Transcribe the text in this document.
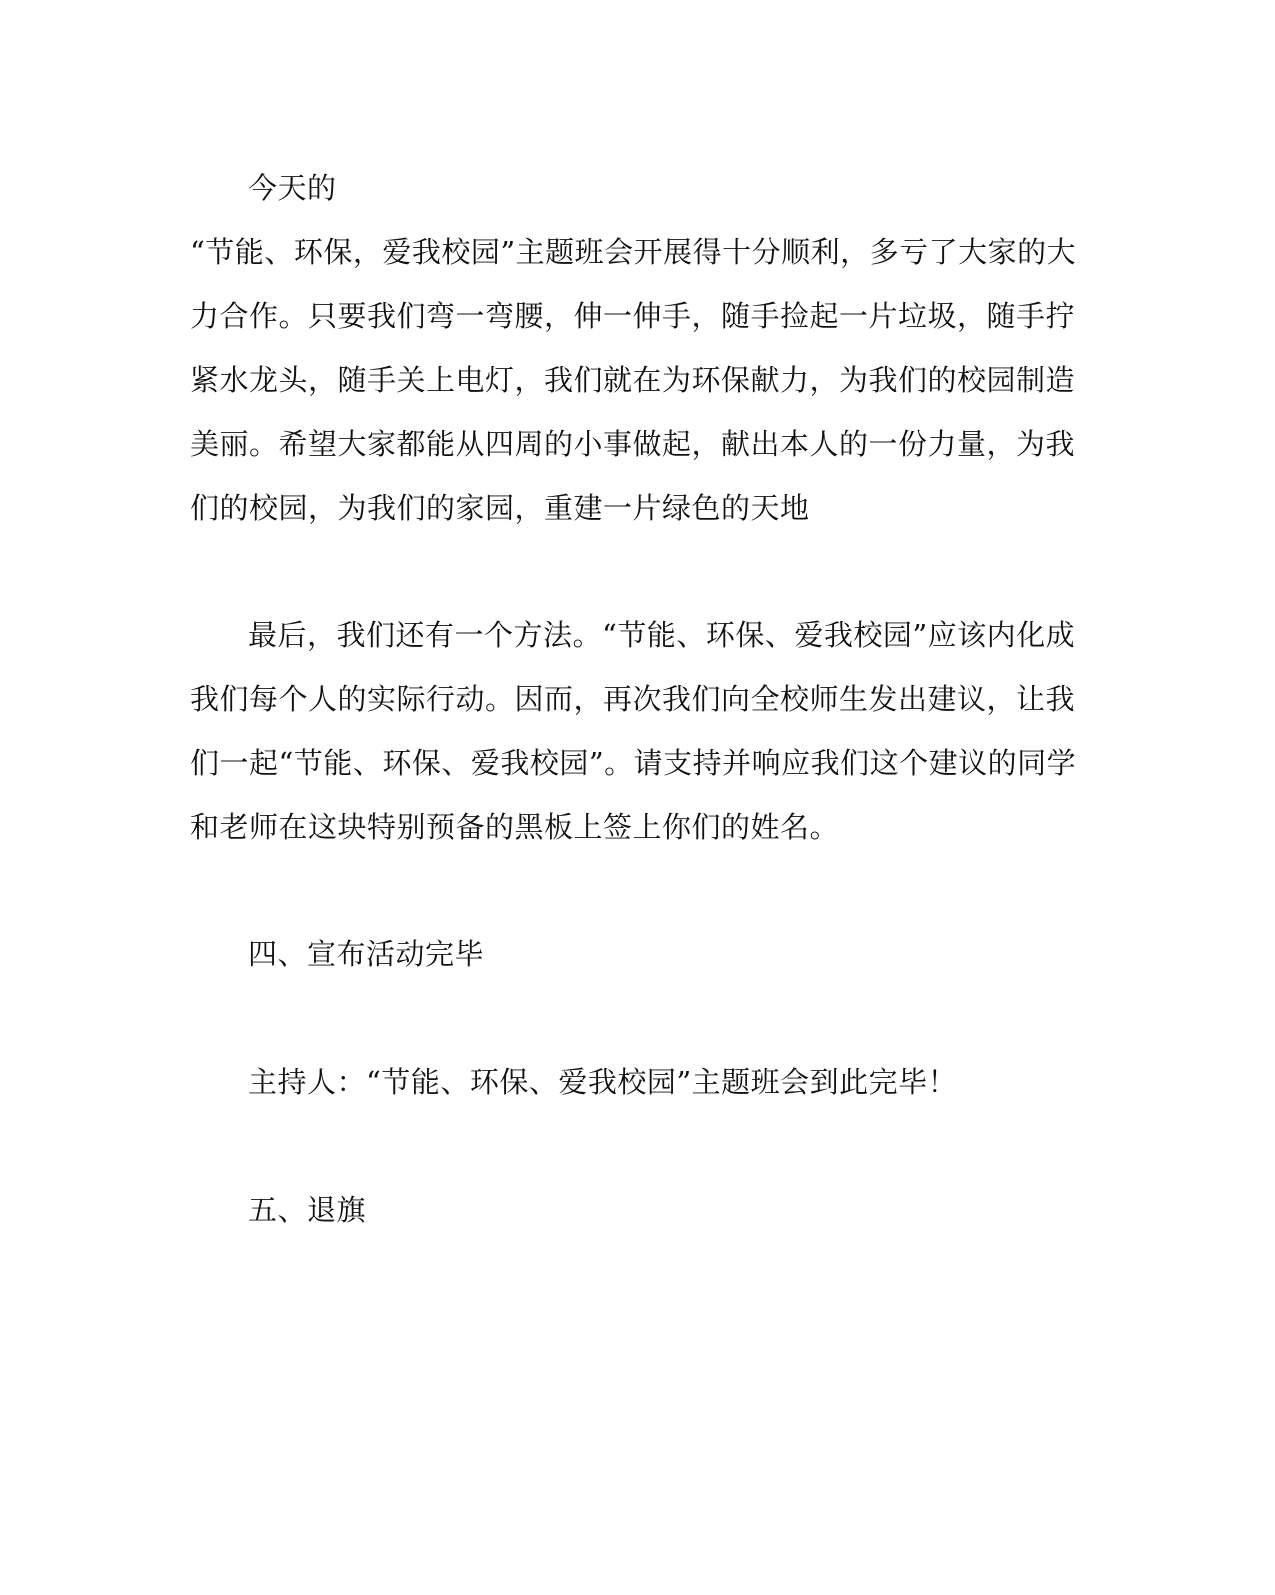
今天的
“节能、环保，爱我校园”主题班会开展得十分顺利，多亏了大家的大
力合作。只要我们弯一弯腰，伸一伸手，随手捡起一片垃圾，随手拧
紧水龙头，随手关上电灯，我们就在为环保献力，为我们的校园制造
美丽。希望大家都能从四周的小事做起，献出本人的一份力量，为我
们的校园，为我们的家园，重建一片绿色的天地
最后，我们还有一个方法。“节能、环保、爱我校园”应该内化成
我们每个人的实际行动。因而，再次我们向全校师生发出建议，让我
们一起“节能、环保、爱我校园”。请支持并响应我们这个建议的同学
和老师在这块特别预备的黑板上签上你们的姓名。
四、宣布活动完毕
主持人：“节能、环保、爱我校园”主题班会到此完毕！
五、退旗
